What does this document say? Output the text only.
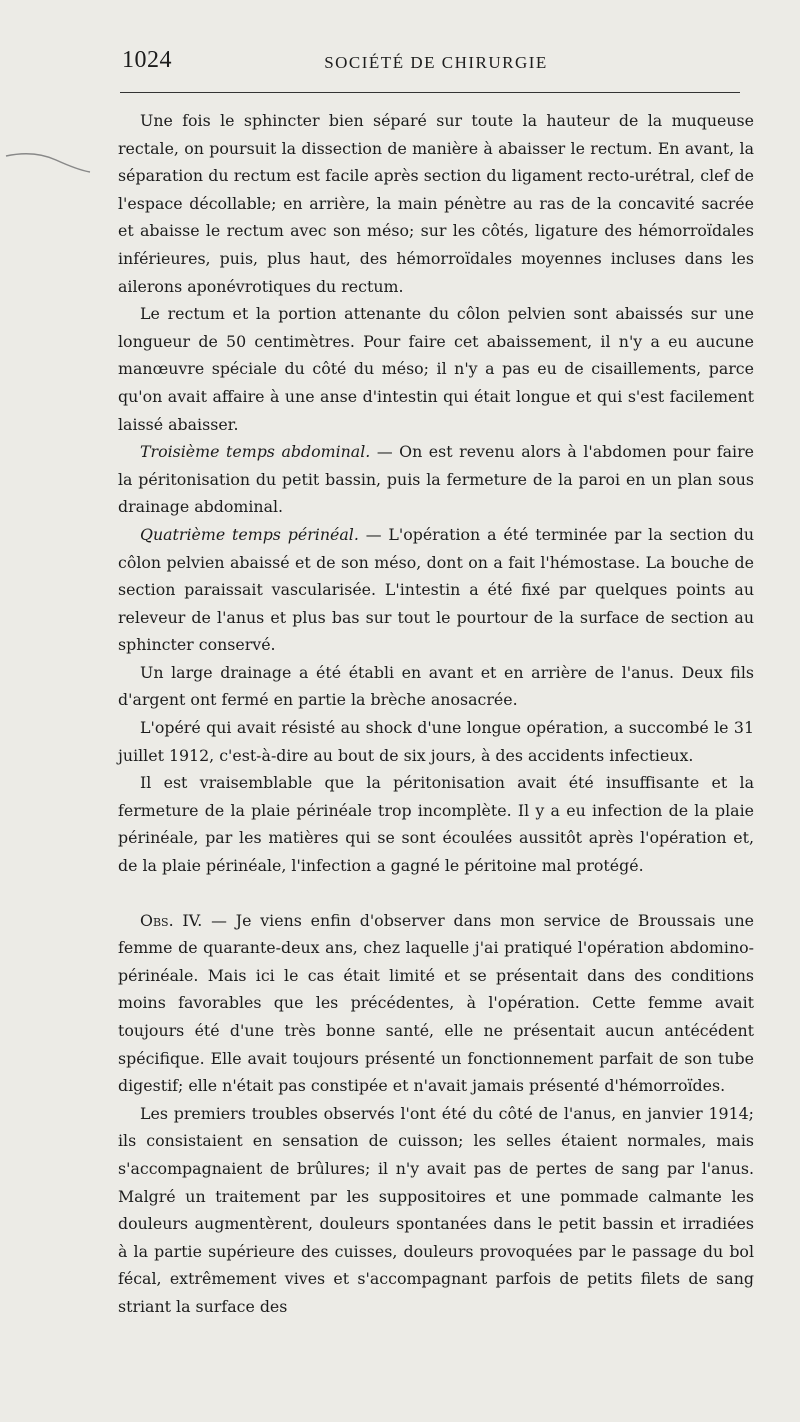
1024	SOCIÉTÉ DE CHIRURGIE

Une fois le sphincter bien séparé sur toute la hauteur de la muqueuse rectale, on poursuit la dissection de manière à abaisser le rectum. En avant, la séparation du rectum est facile après section du ligament recto-urétral, clef de l'espace décollable; en arrière, la main pénètre au ras de la concavité sacrée et abaisse le rectum avec son méso; sur les côtés, ligature des hémorroïdales inférieures, puis, plus haut, des hémorroïdales moyennes incluses dans les ailerons aponévrotiques du rectum.

Le rectum et la portion attenante du côlon pelvien sont abaissés sur une longueur de 50 centimètres. Pour faire cet abaissement, il n'y a eu aucune manœuvre spéciale du côté du méso; il n'y a pas eu de cisaillements, parce qu'on avait affaire à une anse d'intestin qui était longue et qui s'est facilement laissé abaisser.

Troisième temps abdominal. — On est revenu alors à l'abdomen pour faire la péritonisation du petit bassin, puis la fermeture de la paroi en un plan sous drainage abdominal.

Quatrième temps périnéal. — L'opération a été terminée par la section du côlon pelvien abaissé et de son méso, dont on a fait l'hémostase. La bouche de section paraissait vascularisée. L'intestin a été fixé par quelques points au releveur de l'anus et plus bas sur tout le pourtour de la surface de section au sphincter conservé.

Un large drainage a été établi en avant et en arrière de l'anus. Deux fils d'argent ont fermé en partie la brèche anosacrée.

L'opéré qui avait résisté au shock d'une longue opération, a succombé le 31 juillet 1912, c'est-à-dire au bout de six jours, à des accidents infectieux.

Il est vraisemblable que la péritonisation avait été insuffisante et la fermeture de la plaie périnéale trop incomplète. Il y a eu infection de la plaie périnéale, par les matières qui se sont écoulées aussitôt après l'opération et, de la plaie périnéale, l'infection a gagné le péritoine mal protégé.

Obs. IV. — Je viens enfin d'observer dans mon service de Broussais une femme de quarante-deux ans, chez laquelle j'ai pratiqué l'opération abdomino-périnéale. Mais ici le cas était limité et se présentait dans des conditions moins favorables que les précédentes, à l'opération. Cette femme avait toujours été d'une très bonne santé, elle ne présentait aucun antécédent spécifique. Elle avait toujours présenté un fonctionnement parfait de son tube digestif; elle n'était pas constipée et n'avait jamais présenté d'hémorroïdes.

Les premiers troubles observés l'ont été du côté de l'anus, en janvier 1914; ils consistaient en sensation de cuisson; les selles étaient normales, mais s'accompagnaient de brûlures; il n'y avait pas de pertes de sang par l'anus. Malgré un traitement par les suppositoires et une pommade calmante les douleurs augmentèrent, douleurs spontanées dans le petit bassin et irradiées à la partie supérieure des cuisses, douleurs provoquées par le passage du bol fécal, extrêmement vives et s'accompagnant parfois de petits filets de sang striant la surface des
